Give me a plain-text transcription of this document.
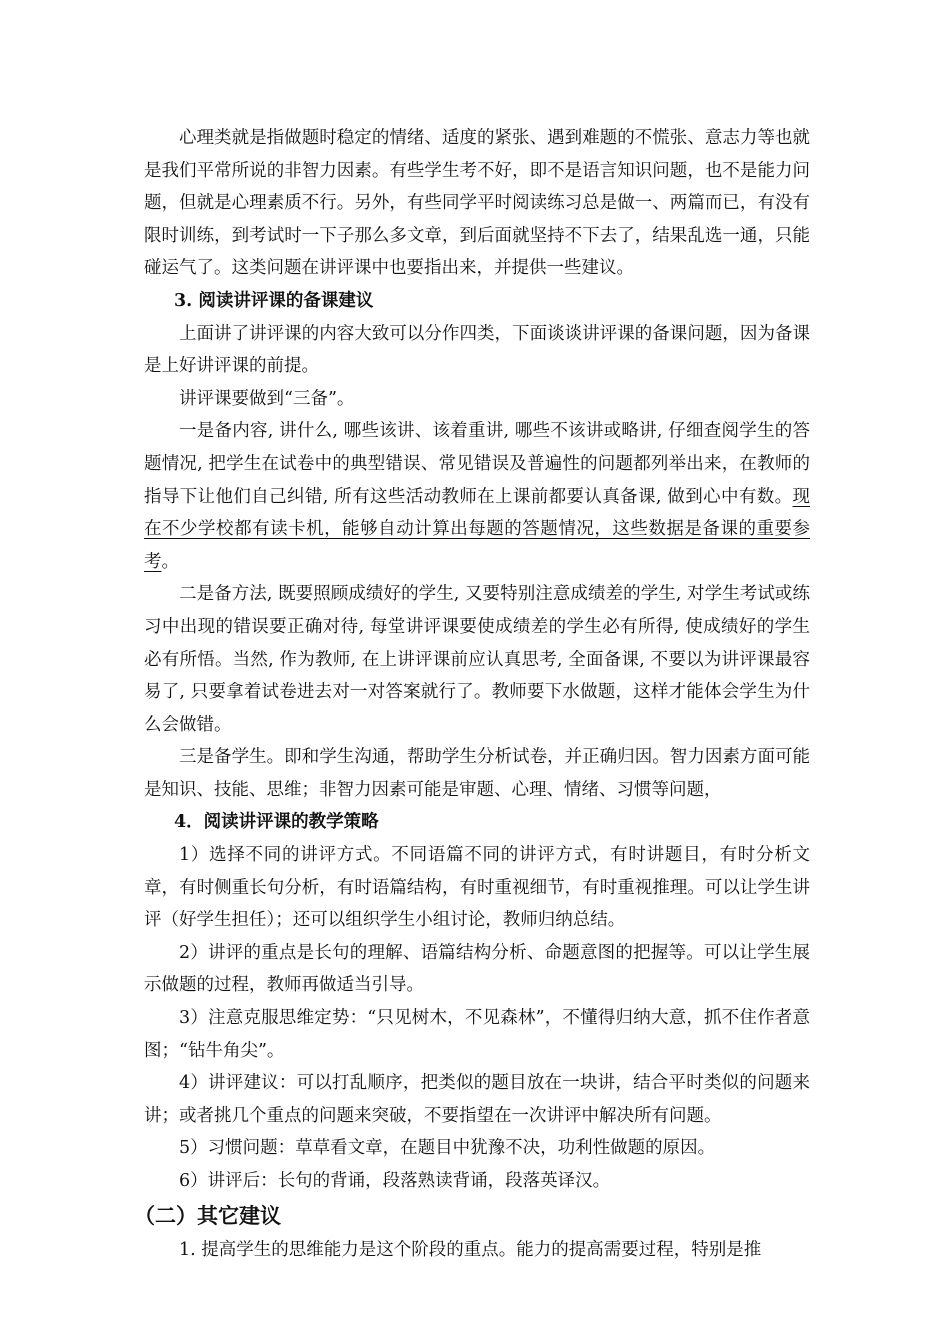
心理类就是指做题时稳定的情绪、适度的紧张、遇到难题的不慌张、意志力等也就是我们平常所说的非智力因素。有些学生考不好，即不是语言知识问题，也不是能力问题，但就是心理素质不行。另外，有些同学平时阅读练习总是做一、两篇而已，有没有限时训练，到考试时一下子那么多文章，到后面就坚持不下去了，结果乱选一通，只能碰运气了。这类问题在讲评课中也要指出来，并提供一些建议。

3. 阅读讲评课的备课建议

上面讲了讲评课的内容大致可以分作四类，下面谈谈讲评课的备课问题，因为备课是上好讲评课的前提。

讲评课要做到“三备”。

一是备内容, 讲什么, 哪些该讲、该着重讲, 哪些不该讲或略讲, 仔细查阅学生的答题情况, 把学生在试卷中的典型错误、常见错误及普遍性的问题都列举出来，在教师的指导下让他们自己纠错, 所有这些活动教师在上课前都要认真备课, 做到心中有数。现在不少学校都有读卡机，能够自动计算出每题的答题情况，这些数据是备课的重要参考。

二是备方法, 既要照顾成绩好的学生, 又要特别注意成绩差的学生, 对学生考试或练习中出现的错误要正确对待, 每堂讲评课要使成绩差的学生必有所得, 使成绩好的学生必有所悟。当然, 作为教师, 在上讲评课前应认真思考, 全面备课, 不要以为讲评课最容易了, 只要拿着试卷进去对一对答案就行了。教师要下水做题，这样才能体会学生为什么会做错。

三是备学生。即和学生沟通，帮助学生分析试卷，并正确归因。智力因素方面可能是知识、技能、思维；非智力因素可能是审题、心理、情绪、习惯等问题，

4．阅读讲评课的教学策略

1）选择不同的讲评方式。不同语篇不同的讲评方式，有时讲题目，有时分析文章，有时侧重长句分析，有时语篇结构，有时重视细节，有时重视推理。可以让学生讲评（好学生担任）；还可以组织学生小组讨论，教师归纳总结。

2）讲评的重点是长句的理解、语篇结构分析、命题意图的把握等。可以让学生展示做题的过程，教师再做适当引导。

3）注意克服思维定势：“只见树木，不见森林”，不懂得归纳大意，抓不住作者意图；“钻牛角尖”。

4）讲评建议：可以打乱顺序，把类似的题目放在一块讲，结合平时类似的问题来讲；或者挑几个重点的问题来突破，不要指望在一次讲评中解决所有问题。

5）习惯问题：草草看文章，在题目中犹豫不决，功利性做题的原因。

6）讲评后：长句的背诵，段落熟读背诵，段落英译汉。

（二）其它建议

1. 提高学生的思维能力是这个阶段的重点。能力的提高需要过程，特别是推
